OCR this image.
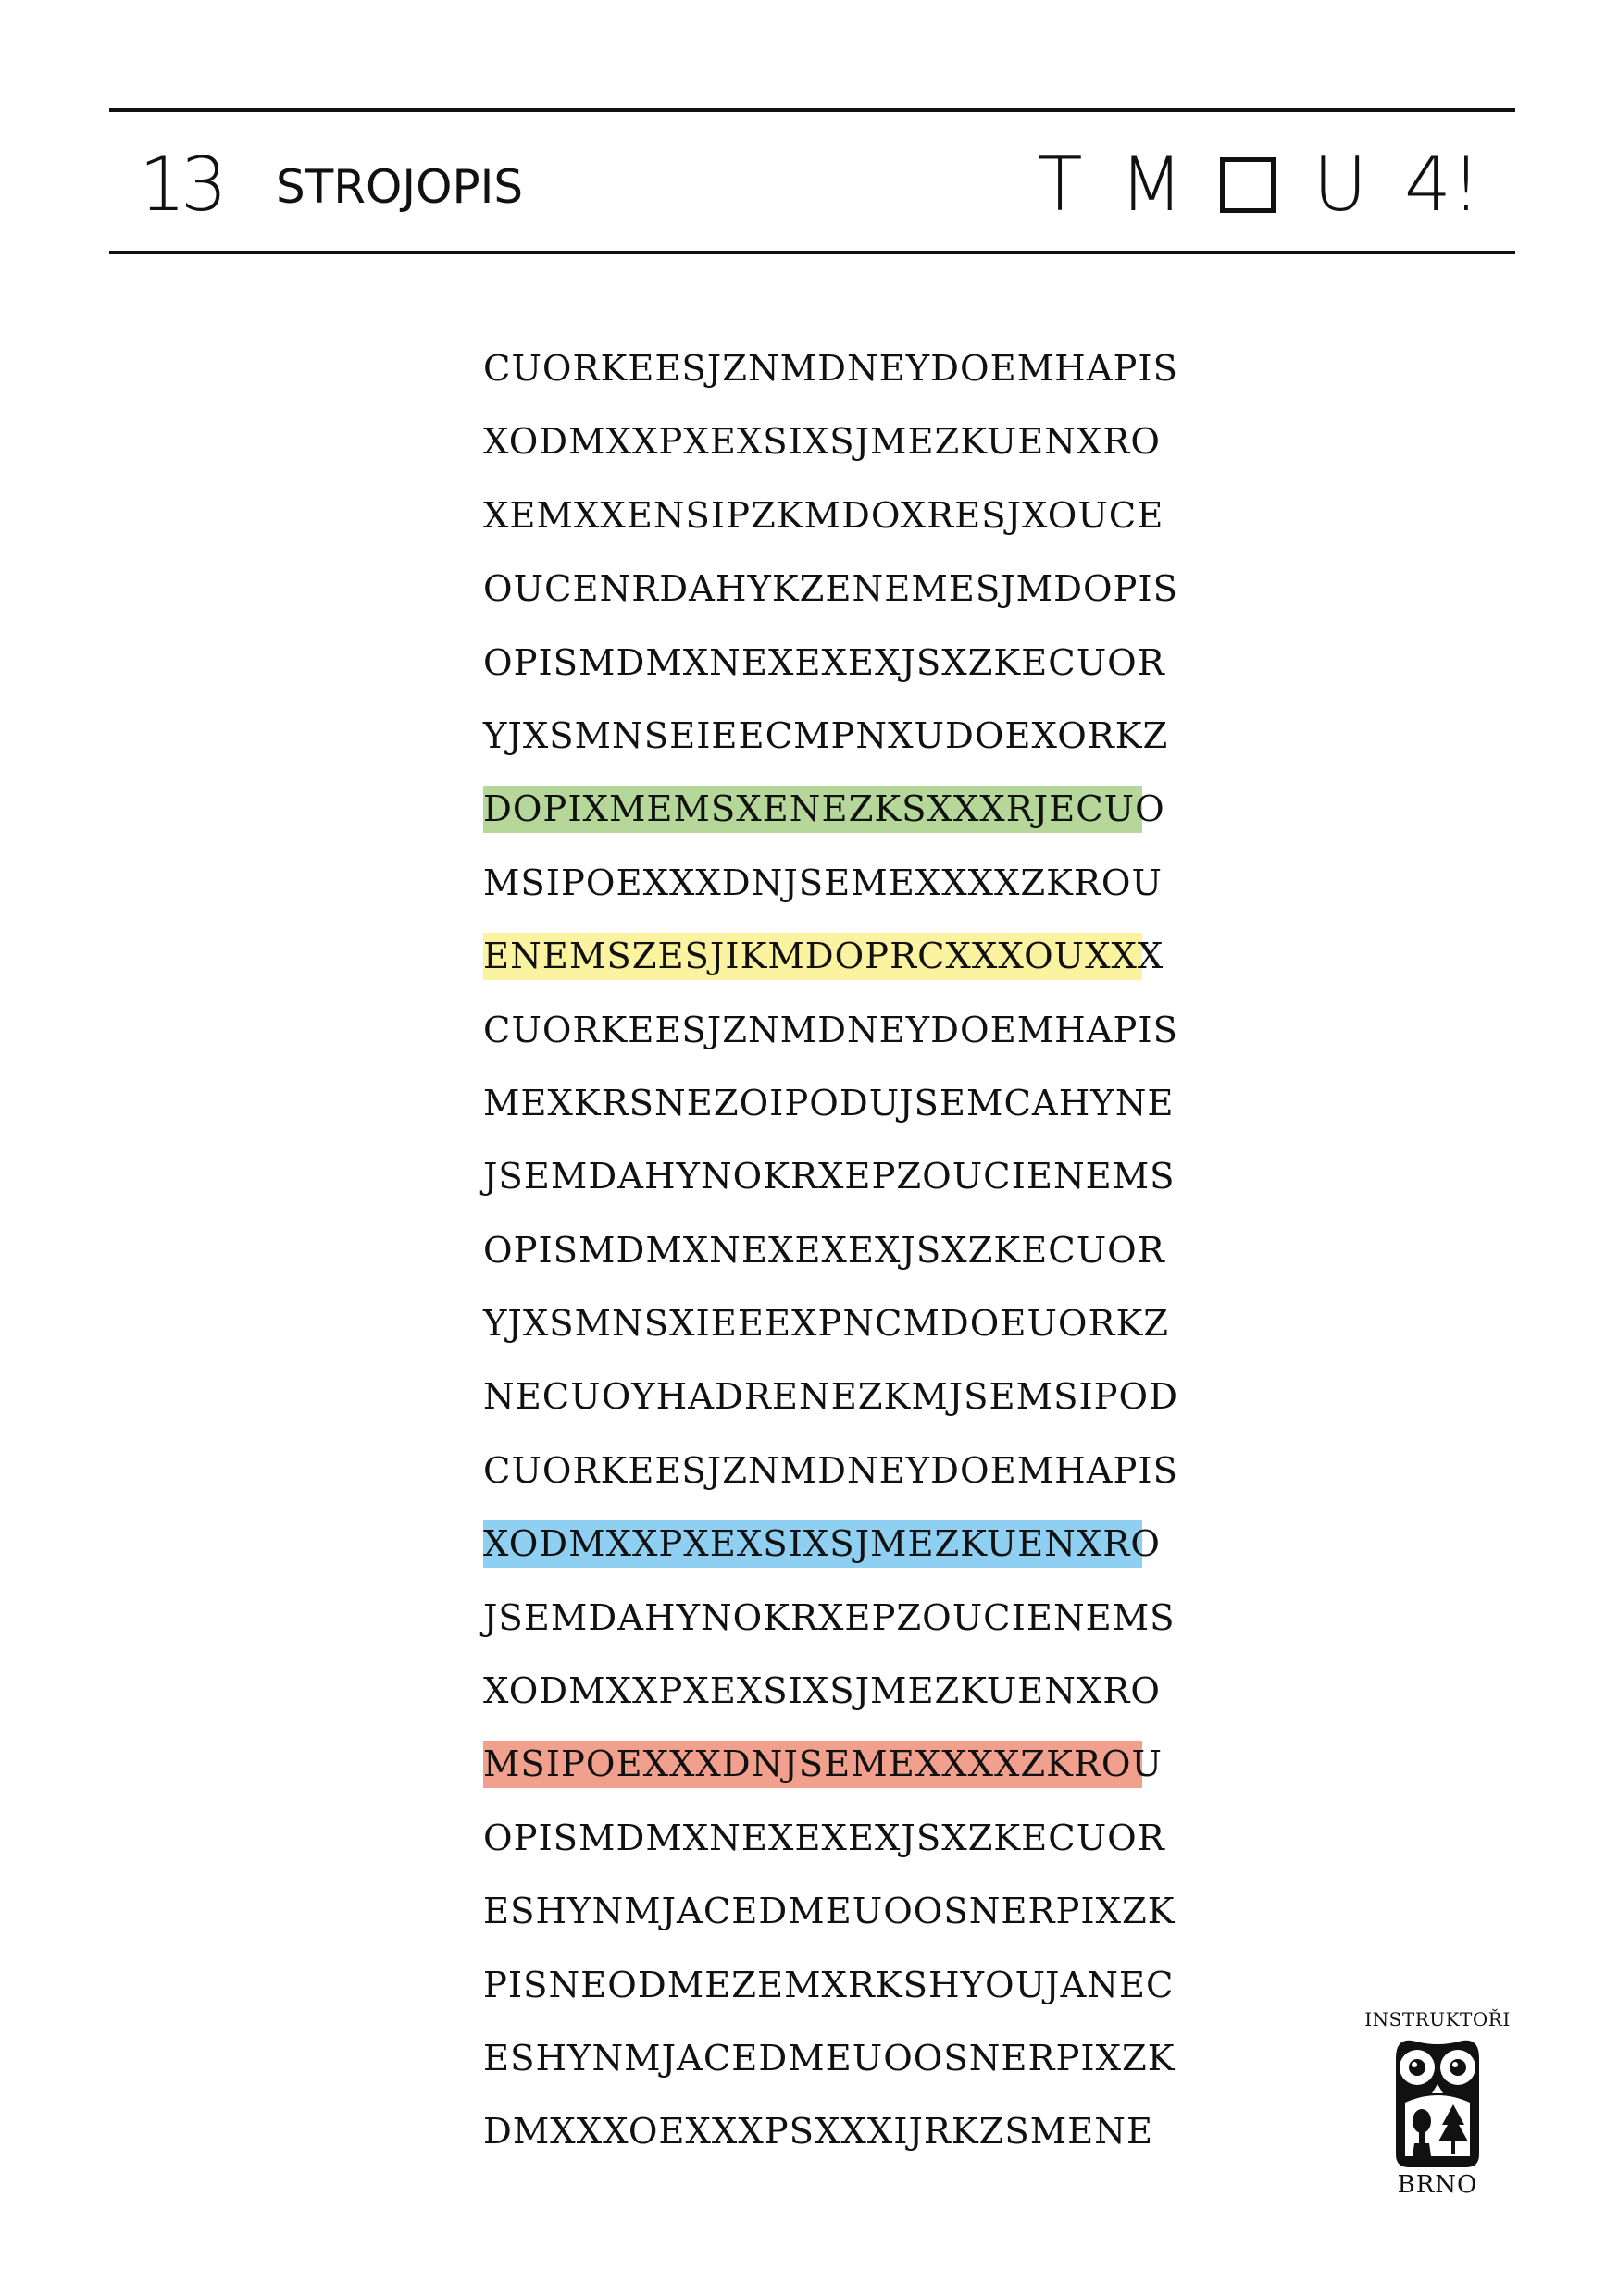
13 STROJOPIS	T M U 4!
CUORKEESJZNMDNEYDOEMHAPIS
XODMXXPXEXSIXSJMEZKUENXRO
XEMXXENSIPZKMDOXRESJXOUCE
OUCENRDAHYKZENEMESJMDOPIS
OPISMDMXNEXEXEXJSXZKECUOR
YJXSMNSEIEECMPNXUDOEXORKZ
DOPIXMEMSXENEZKSXXXRJECUO
MSIPOEXXXDNJSEMEXXXXZKROU
ENEMSZESJIKMDOPRCXXXOUXXX
CUORKEESJZNMDNEYDOEMHAPIS
MEXKRSNEZOIPODUJSEMCAHYNE
JSEMDAHYNOKRXEPZOUCIENEMS
OPISMDMXNEXEXEXJSXZKECUOR
YJXSMNSXIEEEXPNCMDOEUORKZ
NECUOYHADRENEZKMJSEMSIPOD
CUORKEESJZNMDNEYDOEMHAPIS
XODMXXPXEXSIXSJMEZKUENXRO
JSEMDAHYNOKRXEPZOUCIENEMS
XODMXXPXEXSIXSJMEZKUENXRO
MSIPOEXXXDNJSEMEXXXXZKROU
OPISMDMXNEXEXEXJSXZKECUOR
ESHYNMJACEDMEUOOSNERPIXZK
PISNEODMEZEMXRKSHYOUJANEC
ESHYNMJACEDMEUOOSNERPIXZK
DMXXXOEXXXPSXXXIJRKZSMENE
INSTRUKTOŘI
BRNO
